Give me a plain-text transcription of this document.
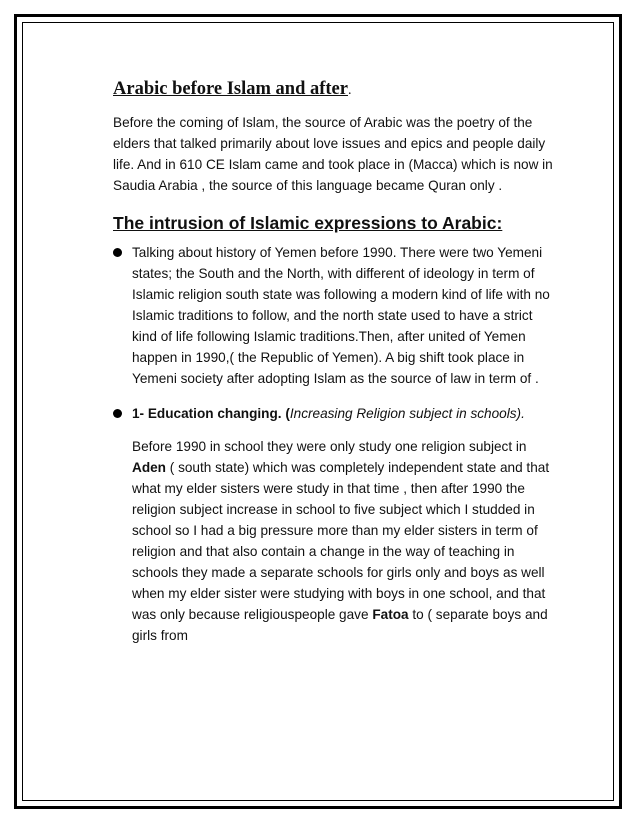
Arabic before Islam and after.

Before the coming of Islam, the source of Arabic was the poetry of the elders that talked primarily about love issues and epics and people daily life. And in 610 CE Islam came and took place in (Macca) which is now in Saudia Arabia , the source of this language became Quran only .

The intrusion of Islamic expressions to Arabic:

Talking about history of Yemen before 1990. There were two Yemeni states; the South and the North, with different of ideology in term of Islamic religion south state was following a modern kind of life with no Islamic traditions to follow, and the north state used to have a strict kind of life following Islamic traditions.Then, after united of Yemen happen in 1990,( the Republic of Yemen). A big shift took place in Yemeni society after adopting Islam as the source of law in term of .

1- Education changing. (Increasing Religion subject in schools).

Before 1990 in school they were only study one religion subject in Aden ( south state) which was completely independent state and that what my elder sisters were study in that time , then after 1990 the religion subject increase in school to five subject which I studded in school so I had a big pressure more than my elder sisters in term of religion and that also contain a change in the way of teaching in schools they made a separate schools for girls only and boys as well when my elder sister were studying with boys in one school, and that was only because religiouspeople gave Fatoa to ( separate boys and girls from
